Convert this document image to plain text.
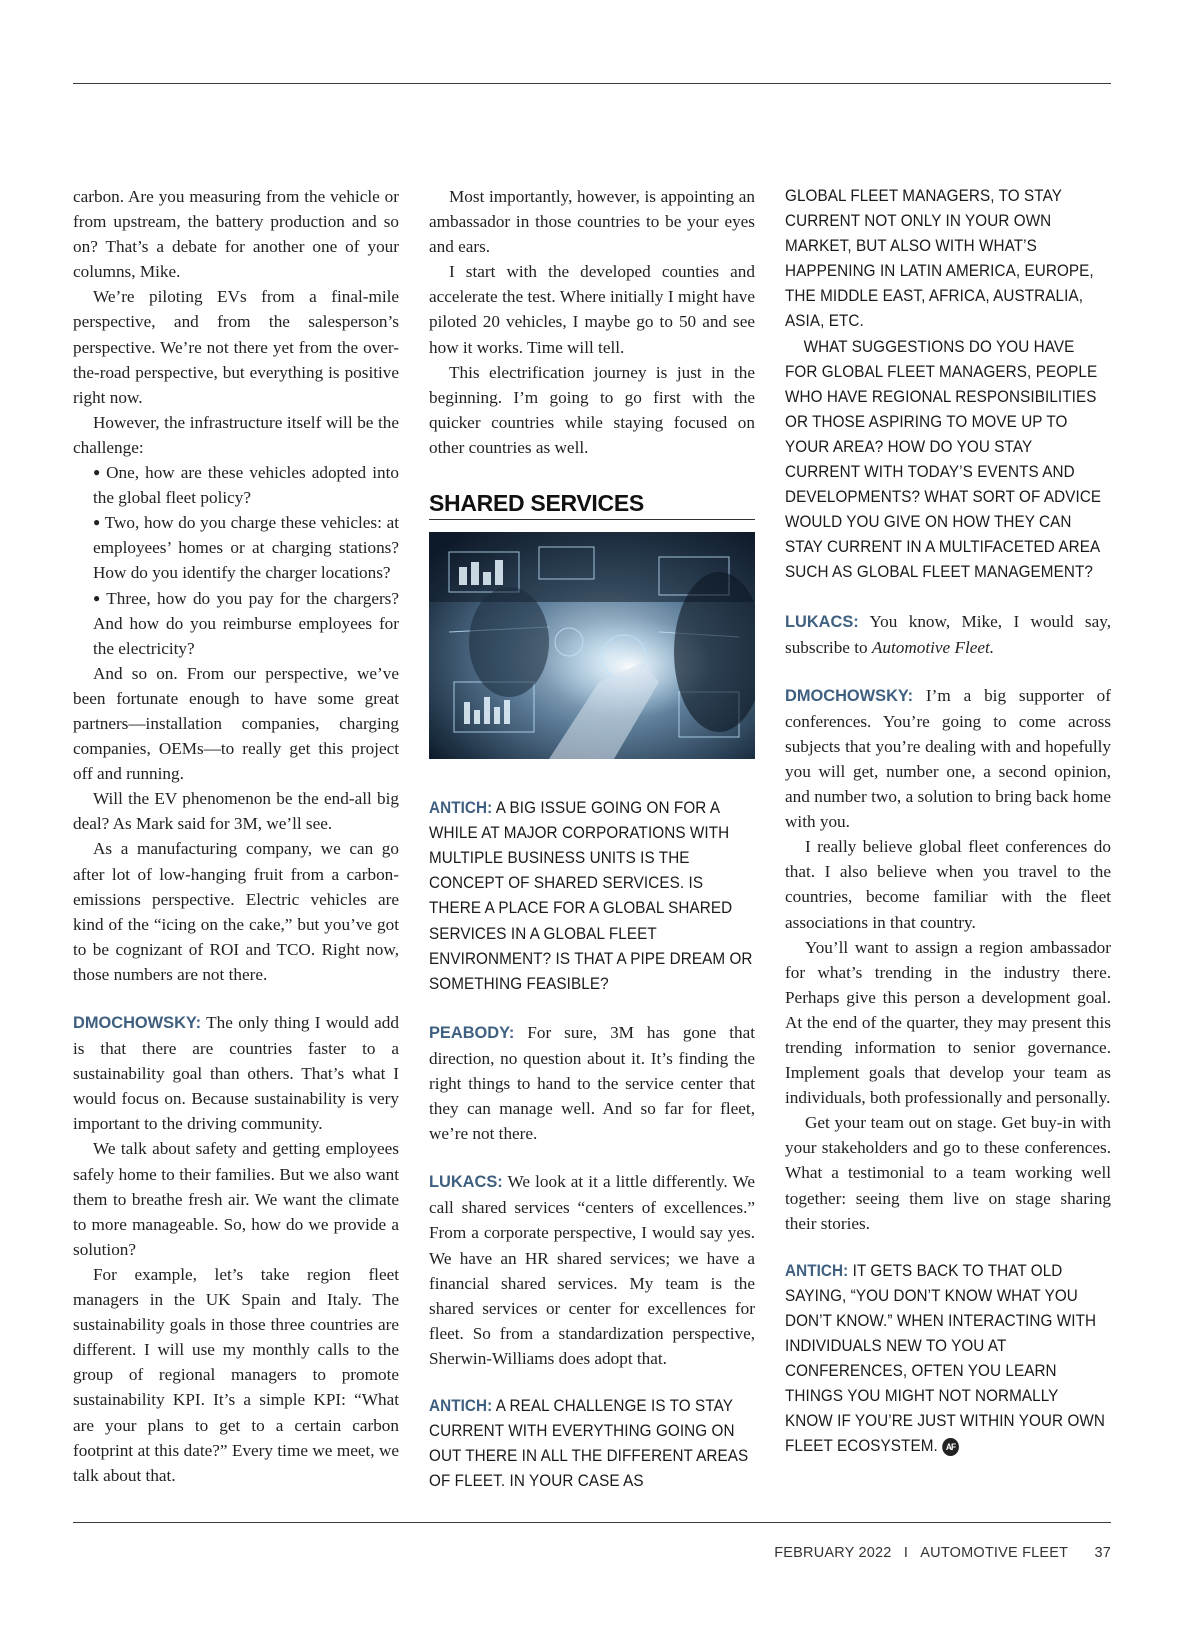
carbon. Are you measuring from the vehicle or from upstream, the battery production and so on? That’s a debate for another one of your columns, Mike.

We’re piloting EVs from a final-mile perspective, and from the salesperson’s perspective. We’re not there yet from the over-the-road perspective, but everything is positive right now.

However, the infrastructure itself will be the challenge:

● One, how are these vehicles adopted into the global fleet policy?

● Two, how do you charge these vehicles: at employees’ homes or at charging stations? How do you identify the charger locations?

● Three, how do you pay for the chargers? And how do you reimburse employees for the electricity?

And so on. From our perspective, we’ve been fortunate enough to have some great partners—installation companies, charging companies, OEMs—to really get this project off and running.

Will the EV phenomenon be the end-all big deal? As Mark said for 3M, we’ll see.

As a manufacturing company, we can go after lot of low-hanging fruit from a carbon-emissions perspective. Electric vehicles are kind of the “icing on the cake,” but you’ve got to be cognizant of ROI and TCO. Right now, those numbers are not there.

DMOCHOWSKY: The only thing I would add is that there are countries faster to a sustainability goal than others. That’s what I would focus on. Because sustainability is very important to the driving community.

We talk about safety and getting employees safely home to their families. But we also want them to breathe fresh air. We want the climate to more manageable. So, how do we provide a solution?

For example, let’s take region fleet managers in the UK Spain and Italy. The sustainability goals in those three countries are different. I will use my monthly calls to the group of regional managers to promote sustainability KPI. It’s a simple KPI: “What are your plans to get to a certain carbon footprint at this date?” Every time we meet, we talk about that.

Most importantly, however, is appointing an ambassador in those countries to be your eyes and ears.

I start with the developed counties and accelerate the test. Where initially I might have piloted 20 vehicles, I maybe go to 50 and see how it works. Time will tell.

This electrification journey is just in the beginning. I’m going to go first with the quicker countries while staying focused on other countries as well.

SHARED SERVICES

ANTICH: A BIG ISSUE GOING ON FOR A WHILE AT MAJOR CORPORATIONS WITH MULTIPLE BUSINESS UNITS IS THE CONCEPT OF SHARED SERVICES. IS THERE A PLACE FOR A GLOBAL SHARED SERVICES IN A GLOBAL FLEET ENVIRONMENT? IS THAT A PIPE DREAM OR SOMETHING FEASIBLE?

PEABODY: For sure, 3M has gone that direction, no question about it. It’s finding the right things to hand to the service center that they can manage well. And so far for fleet, we’re not there.

LUKACS: We look at it a little differently. We call shared services “centers of excellences.” From a corporate perspective, I would say yes. We have an HR shared services; we have a financial shared services. My team is the shared services or center for excellences for fleet. So from a standardization perspective, Sherwin-Williams does adopt that.

ANTICH: A REAL CHALLENGE IS TO STAY CURRENT WITH EVERYTHING GOING ON OUT THERE IN ALL THE DIFFERENT AREAS OF FLEET. IN YOUR CASE AS

GLOBAL FLEET MANAGERS, TO STAY CURRENT NOT ONLY IN YOUR OWN MARKET, BUT ALSO WITH WHAT’S HAPPENING IN LATIN AMERICA, EUROPE, THE MIDDLE EAST, AFRICA, AUSTRALIA, ASIA, ETC.

WHAT SUGGESTIONS DO YOU HAVE FOR GLOBAL FLEET MANAGERS, PEOPLE WHO HAVE REGIONAL RESPONSIBILITIES OR THOSE ASPIRING TO MOVE UP TO YOUR AREA? HOW DO YOU STAY CURRENT WITH TODAY’S EVENTS AND DEVELOPMENTS? WHAT SORT OF ADVICE WOULD YOU GIVE ON HOW THEY CAN STAY CURRENT IN A MULTIFACETED AREA SUCH AS GLOBAL FLEET MANAGEMENT?

LUKACS: You know, Mike, I would say, subscribe to Automotive Fleet.

DMOCHOWSKY: I’m a big supporter of conferences. You’re going to come across subjects that you’re dealing with and hopefully you will get, number one, a second opinion, and number two, a solution to bring back home with you.

I really believe global fleet conferences do that. I also believe when you travel to the countries, become familiar with the fleet associations in that country.

You’ll want to assign a region ambassador for what’s trending in the industry there. Perhaps give this person a development goal. At the end of the quarter, they may present this trending information to senior governance. Implement goals that develop your team as individuals, both professionally and personally.

Get your team out on stage. Get buy-in with your stakeholders and go to these conferences. What a testimonial to a team working well together: seeing them live on stage sharing their stories.

ANTICH: IT GETS BACK TO THAT OLD SAYING, “YOU DON’T KNOW WHAT YOU DON’T KNOW.” WHEN INTERACTING WITH INDIVIDUALS NEW TO YOU AT CONFERENCES, OFTEN YOU LEARN THINGS YOU MIGHT NOT NORMALLY KNOW IF YOU’RE JUST WITHIN YOUR OWN FLEET ECOSYSTEM. AF

FEBRUARY 2022 I AUTOMOTIVE FLEET 37
